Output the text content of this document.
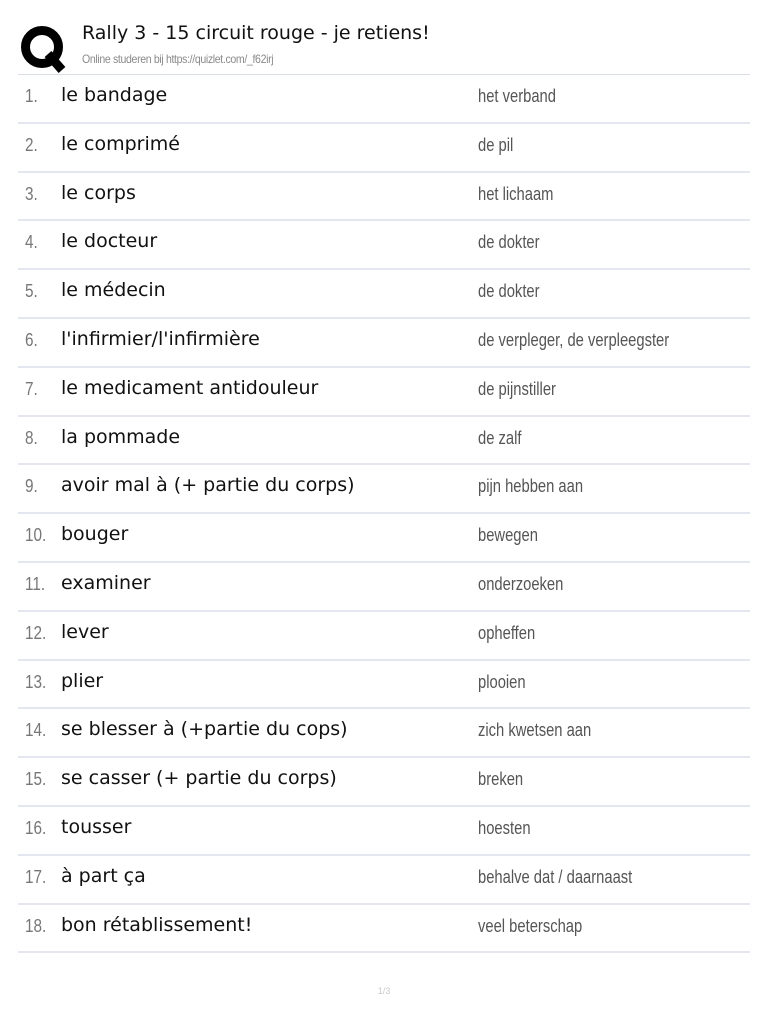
Rally 3 - 15 circuit rouge - je retiens!
Online studeren bij https://quizlet.com/_f62irj
1. le bandage	het verband
2. le comprimé	de pil
3. le corps	het lichaam
4. le docteur	de dokter
5. le médecin	de dokter
6. l'infirmier/l'infirmière	de verpleger, de verpleegster
7. le medicament antidouleur	de pijnstiller
8. la pommade	de zalf
9. avoir mal à (+ partie du corps)	pijn hebben aan
10. bouger	bewegen
11. examiner	onderzoeken
12. lever	opheffen
13. plier	plooien
14. se blesser à (+partie du cops)	zich kwetsen aan
15. se casser (+ partie du corps)	breken
16. tousser	hoesten
17. à part ça	behalve dat / daarnaast
18. bon rétablissement!	veel beterschap
1/3
